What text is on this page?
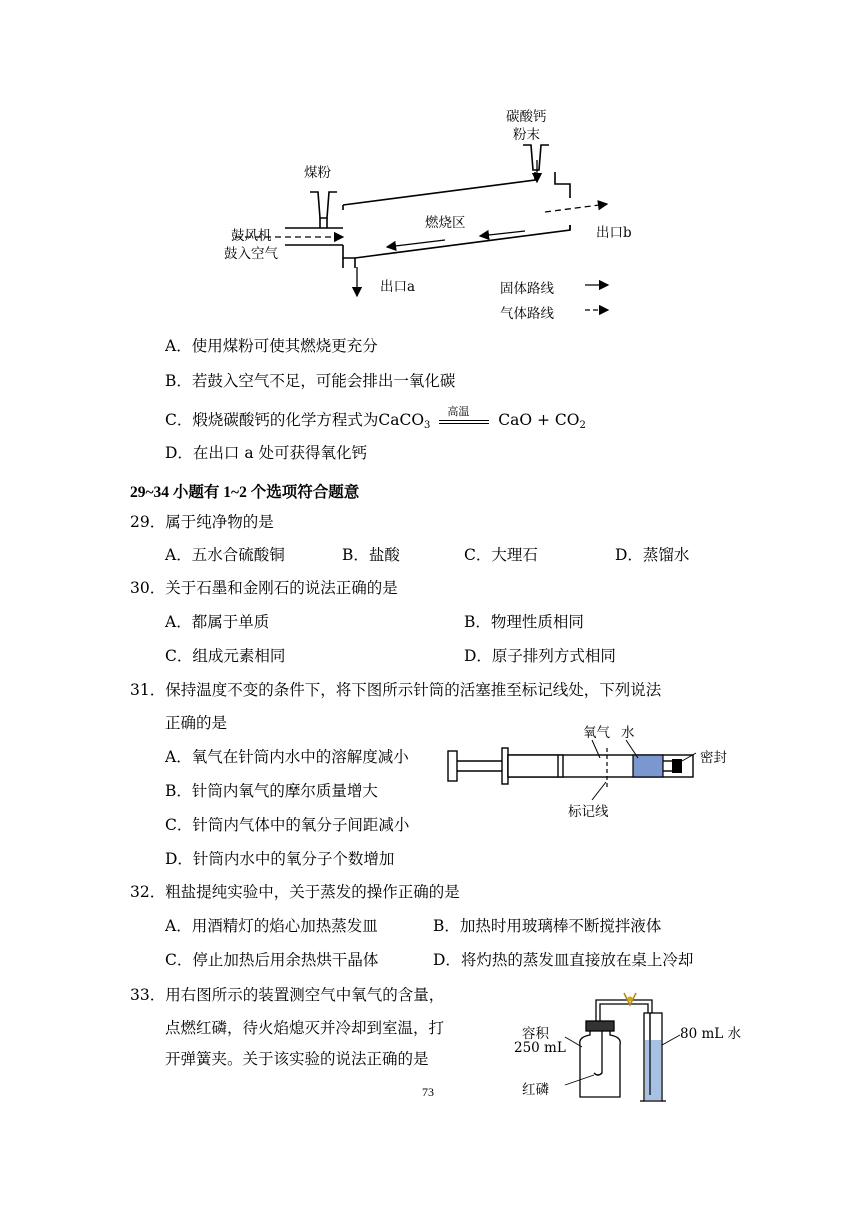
碳酸钙
粉末
煤粉
燃烧区
出口b
鼓风机
鼓入空气
出口a	固体路线
气体路线
A．使用煤粉可使其燃烧更充分
B．若鼓入空气不足，可能会排出一氧化碳
C．煅烧碳酸钙的化学方程式为CaCO$_3$
高温 CaO + $CO_2$
D．在出口 a 处可获得氧化钙
29~34 小题有 1~2 个选项符合题意
29．属于纯净物的是
A．五水合硫酸铜	B．盐酸	C．大理石	D．蒸馏水
30．关于石墨和金刚石的说法正确的是
A．都属于单质	B．物理性质相同
C．组成元素相同	D．原子排列方式相同
31．保持温度不变的条件下，将下图所示针筒的活塞推至标记线处，下列说法
正确的是
A．氧气在针筒内水中的溶解度减小
B．针筒内氧气的摩尔质量增大
C．针筒内气体中的氧分子间距减小
D．针筒内水中的氧分子个数增加
氧气 水
密封
标记线
32．粗盐提纯实验中，关于蒸发的操作正确的是
A．用酒精灯的焰心加热蒸发皿	B．加热时用玻璃棒不断搅拌液体
C．停止加热后用余热烘干晶体	D．将灼热的蒸发皿直接放在桌上冷却
33．用右图所示的装置测空气中氧气的含量，
点燃红磷，待火焰熄灭并冷却到室温，打
开弹簧夹。关于该实验的说法正确的是
容积
250 mL
80 mL 水
红磷
73
